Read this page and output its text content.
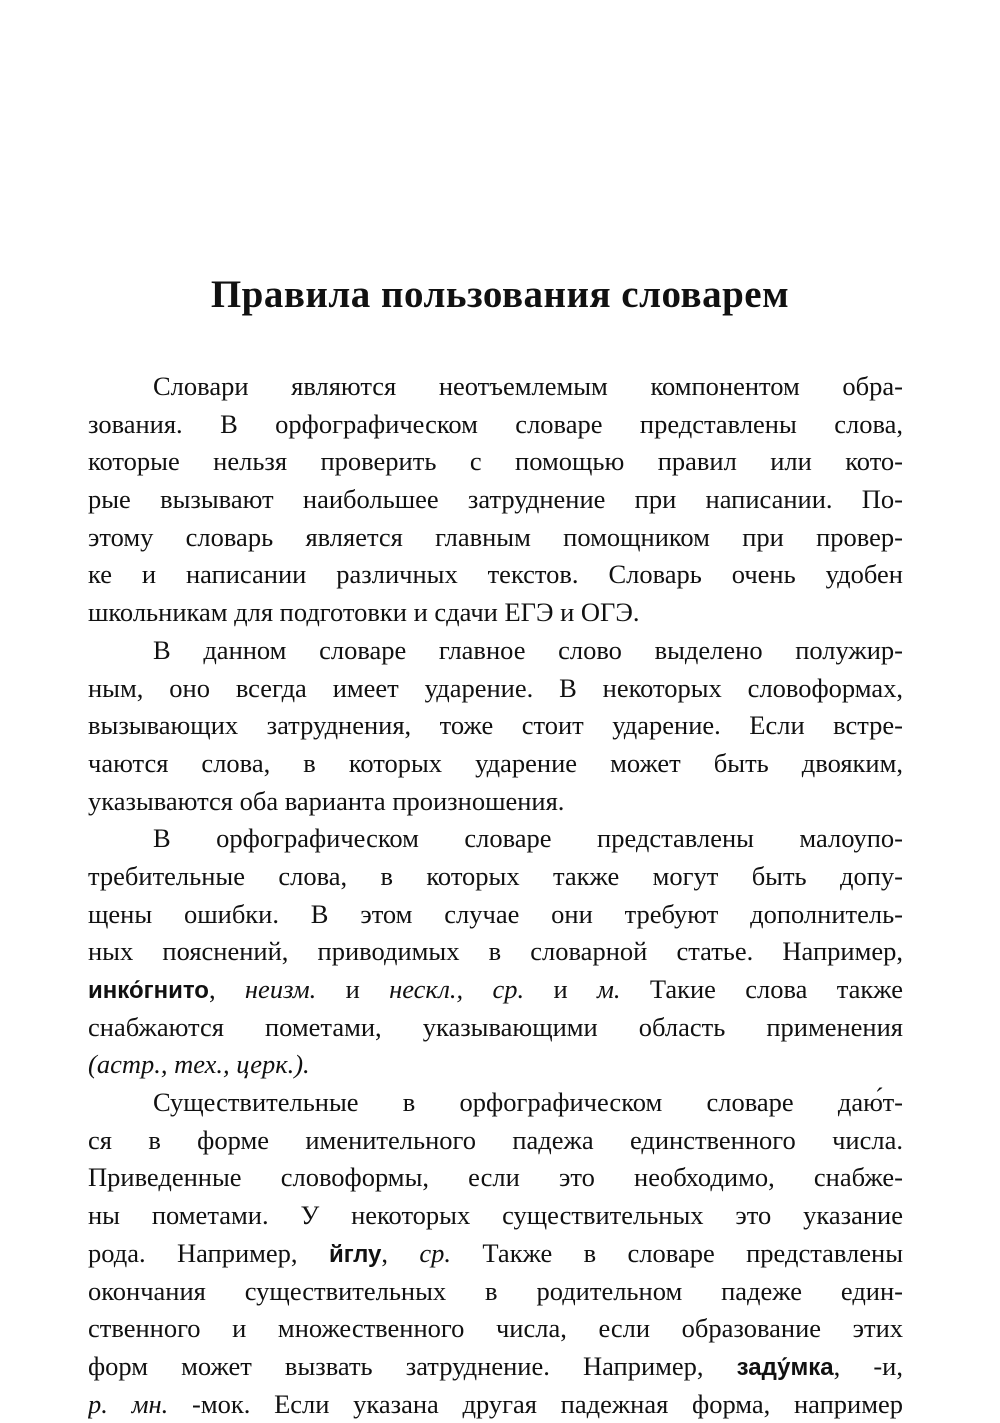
Правила пользования словарем
Словари являются неотъемлемым компонентом обра-
зования. В орфографическом словаре представлены слова,
которые нельзя проверить с помощью правил или кото-
рые вызывают наибольшее затруднение при написании. По-
этому словарь является главным помощником при провер-
ке и написании различных текстов. Словарь очень удобен
школьникам для подготовки и сдачи ЕГЭ и ОГЭ.
В данном словаре главное слово выделено полужир-
ным, оно всегда имеет ударение. В некоторых словоформах,
вызывающих затруднения, тоже стоит ударение. Если встре-
чаются слова, в которых ударение может быть двояким,
указываются оба варианта произношения.
В орфографическом словаре представлены малоупо-
требительные слова, в которых также могут быть допу-
щены ошибки. В этом случае они требуют дополнитель-
ных пояснений, приводимых в словарной статье. Например,
инко́гнито, неизм. и нескл., ср. и м. Такие слова также
снабжаются пометами, указывающими область применения
(астр., тех., церк.).
Существительные в орфографическом словаре даю́т-
ся в форме именительного падежа единственного числа.
Приведенные словоформы, если это необходимо, снабже-
ны пометами. У некоторых существительных это указание
рода. Например, йглу, ср. Также в словаре представлены
окончания существительных в родительном падеже един-
ственного и множественного числа, если образование этих
форм может вызвать затруднение. Например, заду́мка, -и,
р. мн. -мок. Если указана другая падежная форма, например
